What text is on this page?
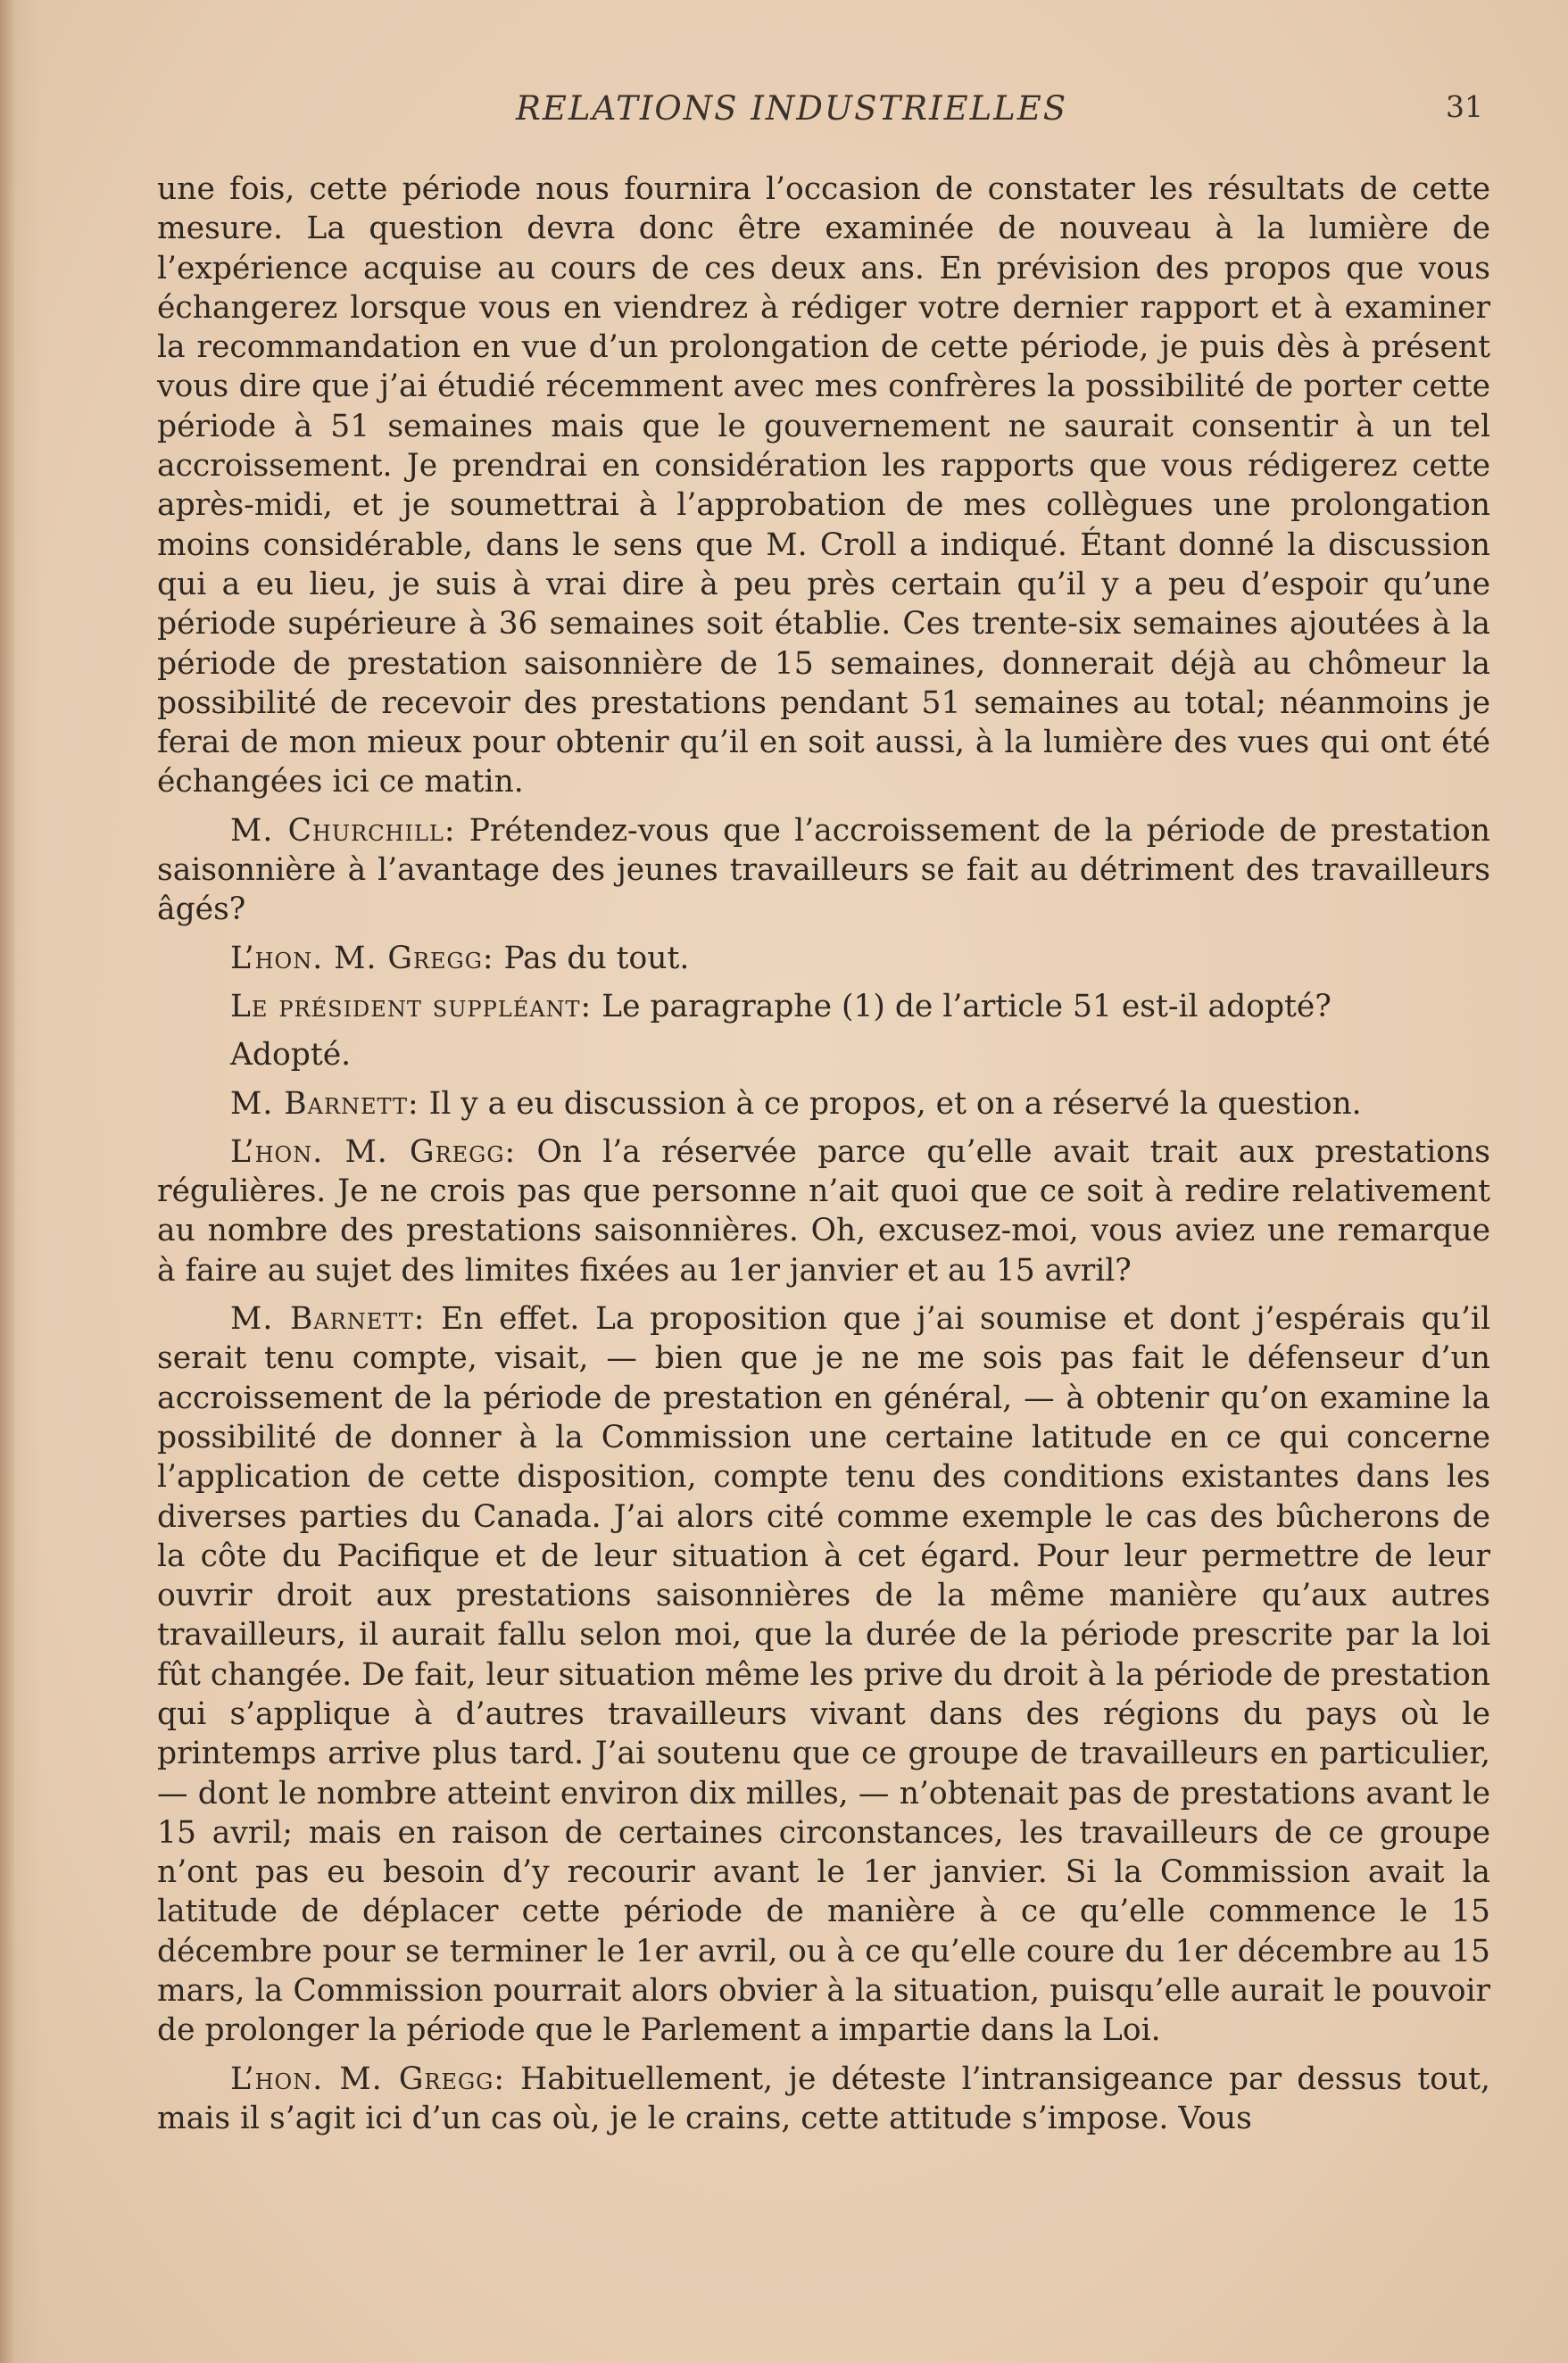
RELATIONS INDUSTRIELLES	31

une fois, cette période nous fournira l’occasion de constater les résultats de cette mesure. La question devra donc être examinée de nouveau à la lumière de l’expérience acquise au cours de ces deux ans. En prévision des propos que vous échangerez lorsque vous en viendrez à rédiger votre dernier rapport et à examiner la recommandation en vue d’un prolongation de cette période, je puis dès à présent vous dire que j’ai étudié récemment avec mes confrères la possibilité de porter cette période à 51 semaines mais que le gouvernement ne saurait consentir à un tel accroissement. Je prendrai en considération les rapports que vous rédigerez cette après-midi, et je soumettrai à l’approbation de mes collègues une prolongation moins considérable, dans le sens que M. Croll a indiqué. Étant donné la discussion qui a eu lieu, je suis à vrai dire à peu près certain qu’il y a peu d’espoir qu’une période supérieure à 36 semaines soit établie. Ces trente-six semaines ajoutées à la période de prestation saisonnière de 15 semaines, donnerait déjà au chômeur la possibilité de recevoir des prestations pendant 51 semaines au total; néanmoins je ferai de mon mieux pour obtenir qu’il en soit aussi, à la lumière des vues qui ont été échangées ici ce matin.

M. Churchill: Prétendez-vous que l’accroissement de la période de prestation saisonnière à l’avantage des jeunes travailleurs se fait au détriment des travailleurs âgés?

L’hon. M. Gregg: Pas du tout.

Le président suppléant: Le paragraphe (1) de l’article 51 est-il adopté?

Adopté.

M. Barnett: Il y a eu discussion à ce propos, et on a réservé la question.

L’hon. M. Gregg: On l’a réservée parce qu’elle avait trait aux prestations régulières. Je ne crois pas que personne n’ait quoi que ce soit à redire relativement au nombre des prestations saisonnières. Oh, excusez-moi, vous aviez une remarque à faire au sujet des limites fixées au 1er janvier et au 15 avril?

M. Barnett: En effet. La proposition que j’ai soumise et dont j’espérais qu’il serait tenu compte, visait, — bien que je ne me sois pas fait le défenseur d’un accroissement de la période de prestation en général, — à obtenir qu’on examine la possibilité de donner à la Commission une certaine latitude en ce qui concerne l’application de cette disposition, compte tenu des conditions existantes dans les diverses parties du Canada. J’ai alors cité comme exemple le cas des bûcherons de la côte du Pacifique et de leur situation à cet égard. Pour leur permettre de leur ouvrir droit aux prestations saisonnières de la même manière qu’aux autres travailleurs, il aurait fallu selon moi, que la durée de la période prescrite par la loi fût changée. De fait, leur situation même les prive du droit à la période de prestation qui s’applique à d’autres travailleurs vivant dans des régions du pays où le printemps arrive plus tard. J’ai soutenu que ce groupe de travailleurs en particulier, — dont le nombre atteint environ dix milles, — n’obtenait pas de prestations avant le 15 avril; mais en raison de certaines circonstances, les travailleurs de ce groupe n’ont pas eu besoin d’y recourir avant le 1er janvier. Si la Commission avait la latitude de déplacer cette période de manière à ce qu’elle commence le 15 décembre pour se terminer le 1er avril, ou à ce qu’elle coure du 1er décembre au 15 mars, la Commission pourrait alors obvier à la situation, puisqu’elle aurait le pouvoir de prolonger la période que le Parlement a impartie dans la Loi.

L’hon. M. Gregg: Habituellement, je déteste l’intransigeance par dessus tout, mais il s’agit ici d’un cas où, je le crains, cette attitude s’impose. Vous
